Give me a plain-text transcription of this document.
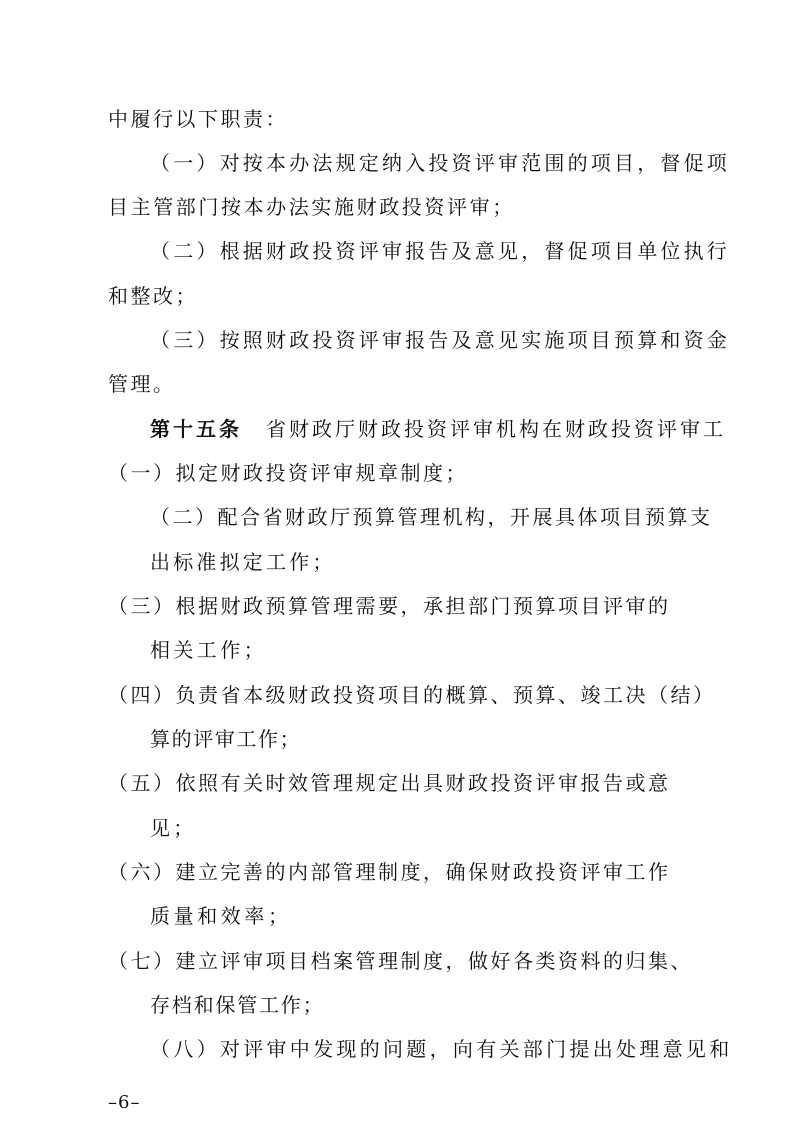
中履行以下职责：
（一）对按本办法规定纳入投资评审范围的项目，督促项
目主管部门按本办法实施财政投资评审；
（二）根据财政投资评审报告及意见，督促项目单位执行
和整改；
（三）按照财政投资评审报告及意见实施项目预算和资金
管理。
第十五条 省财政厅财政投资评审机构在财政投资评审工
（一）拟定财政投资评审规章制度；
（二）配合省财政厅预算管理机构，开展具体项目预算支
出标准拟定工作；
（三）根据财政预算管理需要，承担部门预算项目评审的
相关工作；
（四）负责省本级财政投资项目的概算、预算、竣工决（结）
算的评审工作；
（五）依照有关时效管理规定出具财政投资评审报告或意
见；
（六）建立完善的内部管理制度，确保财政投资评审工作
质量和效率；
（七）建立评审项目档案管理制度，做好各类资料的归集、
存档和保管工作；
（八）对评审中发现的问题，向有关部门提出处理意见和
–6–
